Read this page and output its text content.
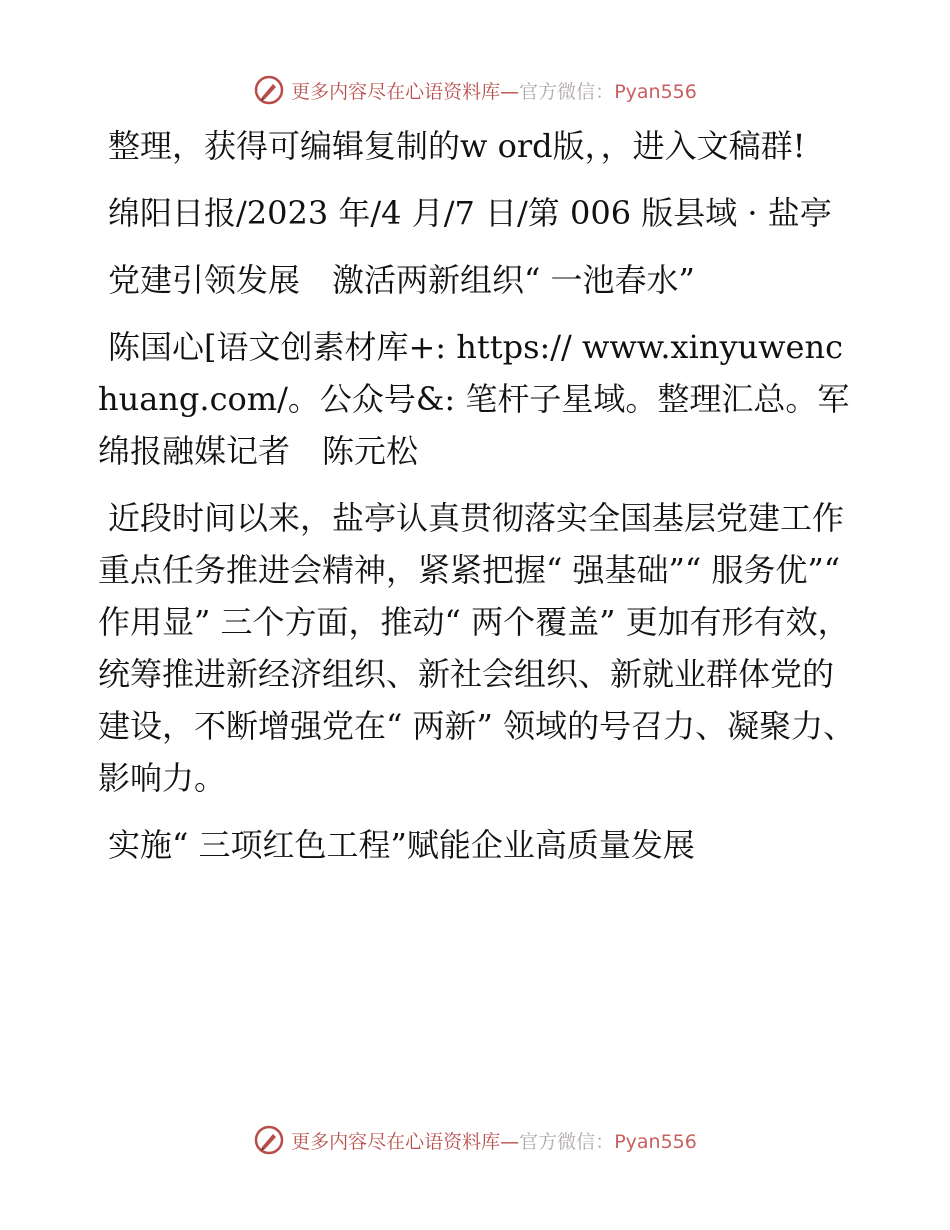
更多内容尽在心语资料库—官方微信：Pyan556

整理，获得可编辑复制的w ord版，，进入文稿群!

绵阳日报/2023 年/4 月/7 日/第 006 版县域 · 盐亭

党建引领发展　激活两新组织“ 一池春水”

陈国心[语文创素材库+: https:// www.xinyuwenchuang.com/。公众号&: 笔杆子星域。整理汇总。军　绵报融媒记者　陈元松

近段时间以来，盐亭认真贯彻落实全国基层党建工作重点任务推进会精神，紧紧把握“ 强基础”“ 服务优”“ 作用显” 三个方面，推动“ 两个覆盖” 更加有形有效，统筹推进新经济组织、新社会组织、新就业群体党的建设，不断增强党在“ 两新” 领域的号召力、凝聚力、影响力。

实施“ 三项红色工程”赋能企业高质量发展

更多内容尽在心语资料库—官方微信：Pyan556
